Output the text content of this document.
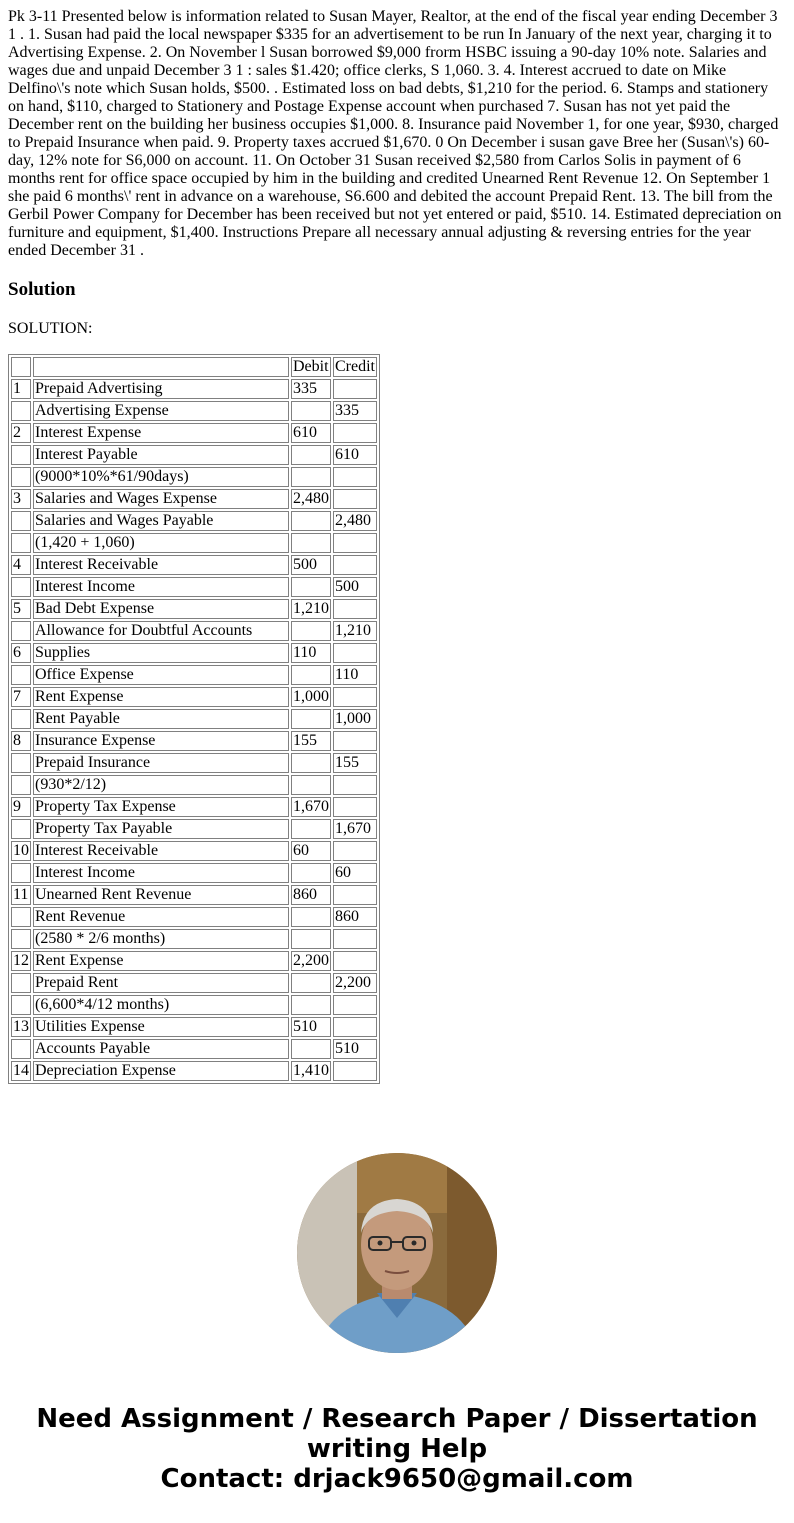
Pk 3-11 Presented below is information related to Susan Mayer, Realtor, at the end of the fiscal year ending December 3 1 . 1. Susan had paid the local newspaper $335 for an advertisement to be run In January of the next year, charging it to Advertising Expense. 2. On November l Susan borrowed $9,000 frorm HSBC issuing a 90-day 10% note. Salaries and wages due and unpaid December 3 1 : sales $1.420; office clerks, S 1,060. 3. 4. Interest accrued to date on Mike Delfino\'s note which Susan holds, $500. . Estimated loss on bad debts, $1,210 for the period. 6. Stamps and stationery on hand, $110, charged to Stationery and Postage Expense account when purchased 7. Susan has not yet paid the December rent on the building her business occupies $1,000. 8. Insurance paid November 1, for one year, $930, charged to Prepaid Insurance when paid. 9. Property taxes accrued $1,670. 0 On December i susan gave Bree her (Susan\'s) 60-day, 12% note for S6,000 on account. 11. On October 31 Susan received $2,580 from Carlos Solis in payment of 6 months rent for office space occupied by him in the building and credited Unearned Rent Revenue 12. On September 1 she paid 6 months\' rent in advance on a warehouse, S6.600 and debited the account Prepaid Rent. 13. The bill from the Gerbil Power Company for December has been received but not yet entered or paid, $510. 14. Estimated depreciation on furniture and equipment, $1,400. Instructions Prepare all necessary annual adjusting & reversing entries for the year ended December 31 .

Solution

SOLUTION:

		Debit	Credit
1	Prepaid Advertising	335	
	Advertising Expense		335
2	Interest Expense	610	
	Interest Payable		610
	(9000*10%*61/90days)		
3	Salaries and Wages Expense	2,480	
	Salaries and Wages Payable		2,480
	(1,420 + 1,060)		
4	Interest Receivable	500	
	Interest Income		500
5	Bad Debt Expense	1,210	
	Allowance for Doubtful Accounts		1,210
6	Supplies	110	
	Office Expense		110
7	Rent Expense	1,000	
	Rent Payable		1,000
8	Insurance Expense	155	
	Prepaid Insurance		155
	(930*2/12)		
9	Property Tax Expense	1,670	
	Property Tax Payable		1,670
10	Interest Receivable	60	
	Interest Income		60
11	Unearned Rent Revenue	860	
	Rent Revenue		860
	(2580 * 2/6 months)		
12	Rent Expense	2,200	
	Prepaid Rent		2,200
	(6,600*4/12 months)		
13	Utilities Expense	510	
	Accounts Payable		510
14	Depreciation Expense	1,410	
Need Assignment / Research Paper / Dissertation
writing Help
Contact: drjack9650@gmail.com
